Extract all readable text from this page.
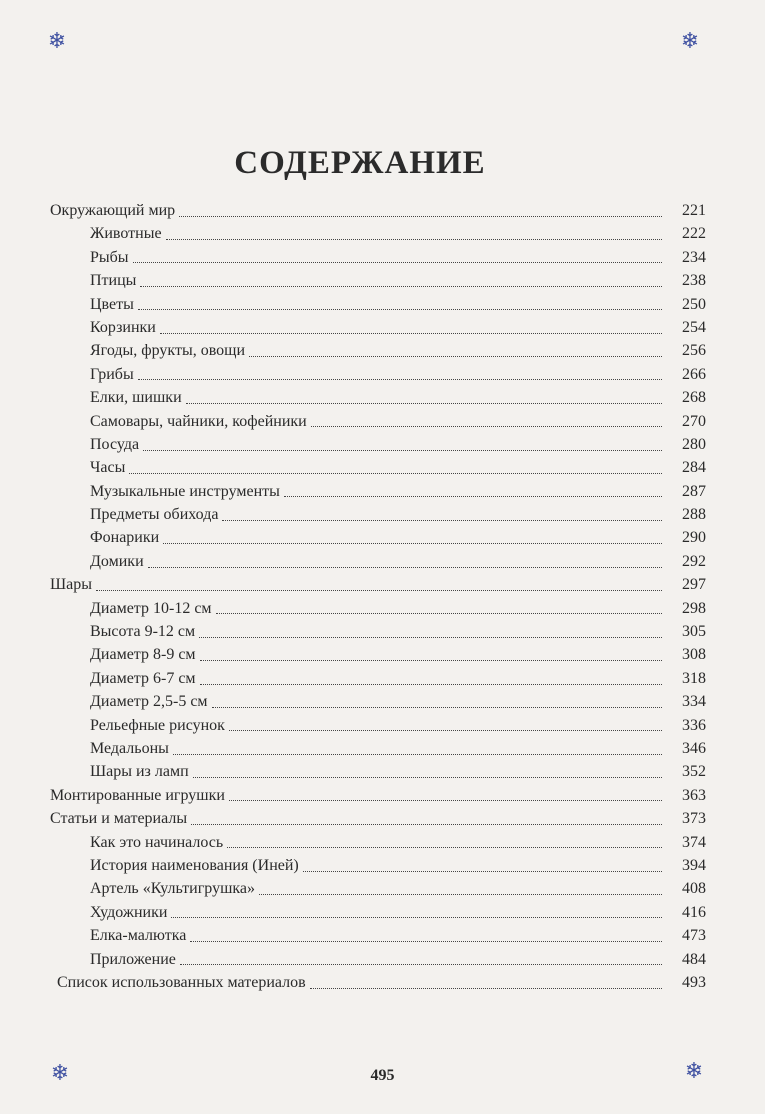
❄	❄
❄	❄
СОДЕРЖАНИЕ
Окружающий мир	221
Животные	222
Рыбы	234
Птицы	238
Цветы	250
Корзинки	254
Ягоды, фрукты, овощи	256
Грибы	266
Елки, шишки	268
Самовары, чайники, кофейники	270
Посуда	280
Часы	284
Музыкальные инструменты	287
Предметы обихода	288
Фонарики	290
Домики	292
Шары	297
Диаметр 10-12 см	298
Высота 9-12 см	305
Диаметр 8-9 см	308
Диаметр 6-7 см	318
Диаметр 2,5-5 см	334
Рельефные рисунок	336
Медальоны	346
Шары из ламп	352
Монтированные игрушки	363
Статьи и материалы	373
Как это начиналось	374
История наименования (Иней)	394
Артель «Культигрушка»	408
Художники	416
Елка-малютка	473
Приложение	484
Список использованных материалов	493
495
